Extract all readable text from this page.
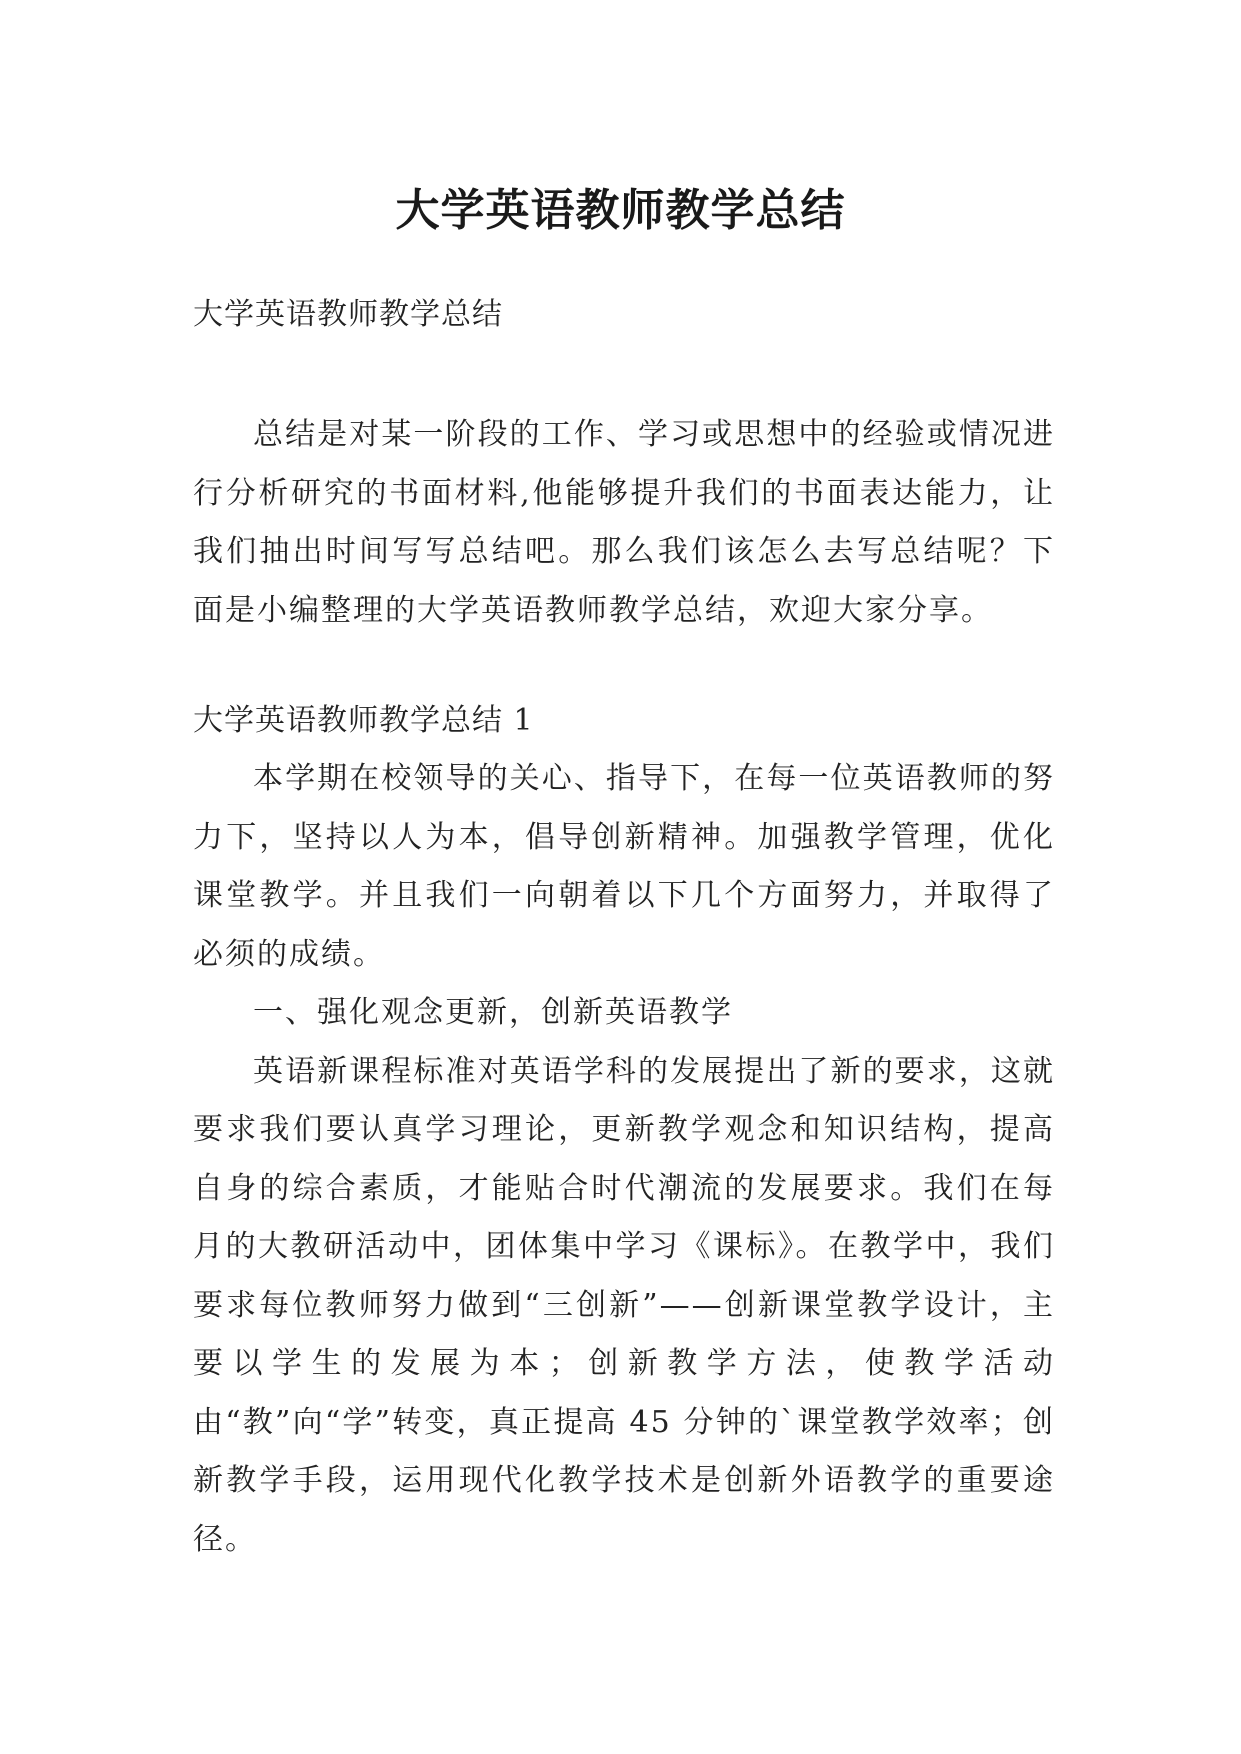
大学英语教师教学总结

大学英语教师教学总结

总结是对某一阶段的工作、学习或思想中的经验或情况进行分析研究的书面材料,他能够提升我们的书面表达能力，让我们抽出时间写写总结吧。那么我们该怎么去写总结呢？下面是小编整理的大学英语教师教学总结，欢迎大家分享。

大学英语教师教学总结 1

本学期在校领导的关心、指导下，在每一位英语教师的努力下，坚持以人为本，倡导创新精神。加强教学管理，优化课堂教学。并且我们一向朝着以下几个方面努力，并取得了必须的成绩。

一、强化观念更新，创新英语教学

英语新课程标准对英语学科的发展提出了新的要求，这就要求我们要认真学习理论，更新教学观念和知识结构，提高自身的综合素质，才能贴合时代潮流的发展要求。我们在每月的大教研活动中，团体集中学习《课标》。在教学中，我们要求每位教师努力做到“三创新”——创新课堂教学设计，主要以学生的发展为本；创新教学方法，使教学活动由“教”向“学”转变，真正提高 45 分钟的`课堂教学效率；创新教学手段，运用现代化教学技术是创新外语教学的重要途径。
